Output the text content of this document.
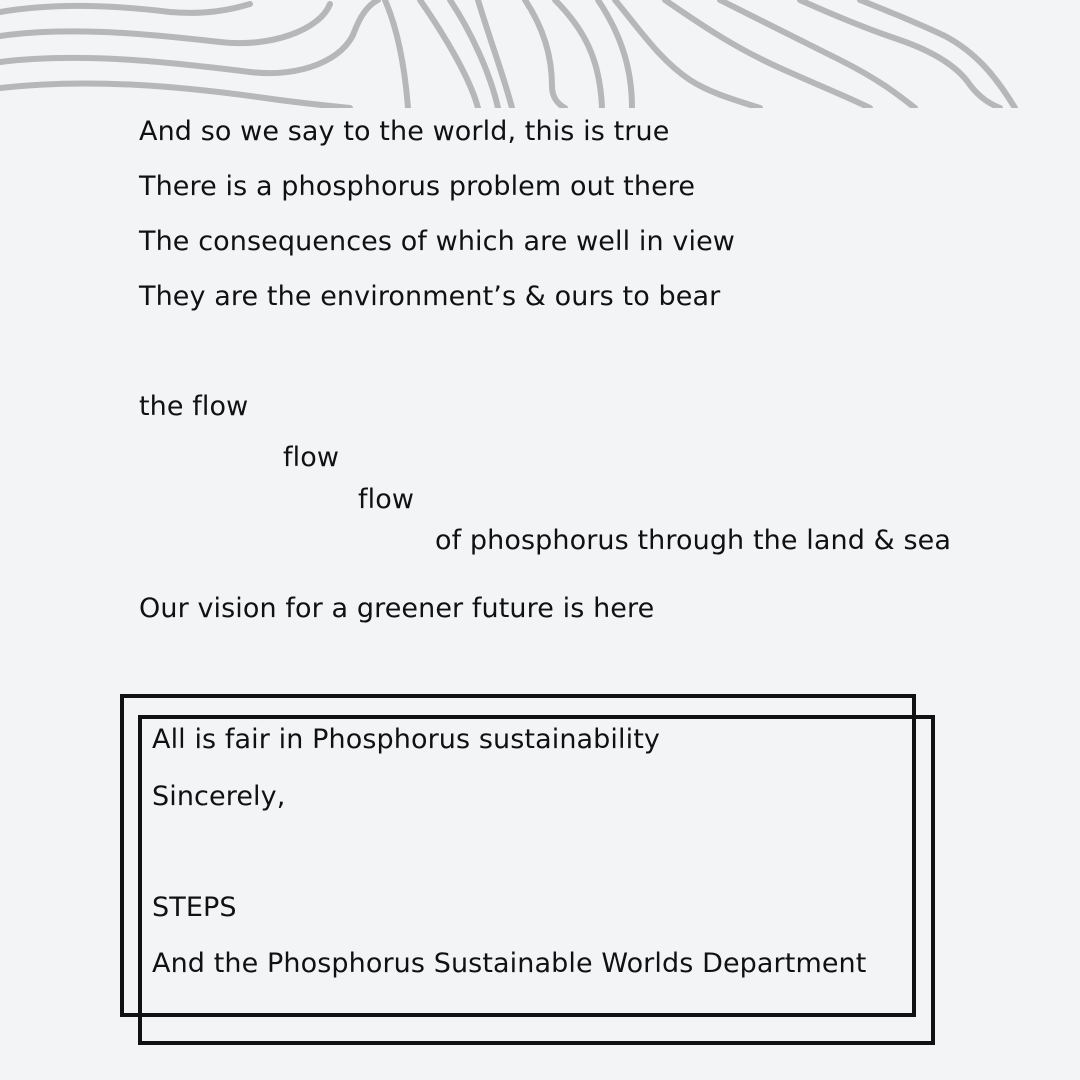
And so we say to the world, this is true

There is a phosphorus problem out there

The consequences of which are well in view

They are the environment’s & ours to bear

the flow

flow

flow

of phosphorus through the land & sea

Our vision for a greener future is here

All is fair in Phosphorus sustainability

Sincerely,

STEPS

And the Phosphorus Sustainable Worlds Department
